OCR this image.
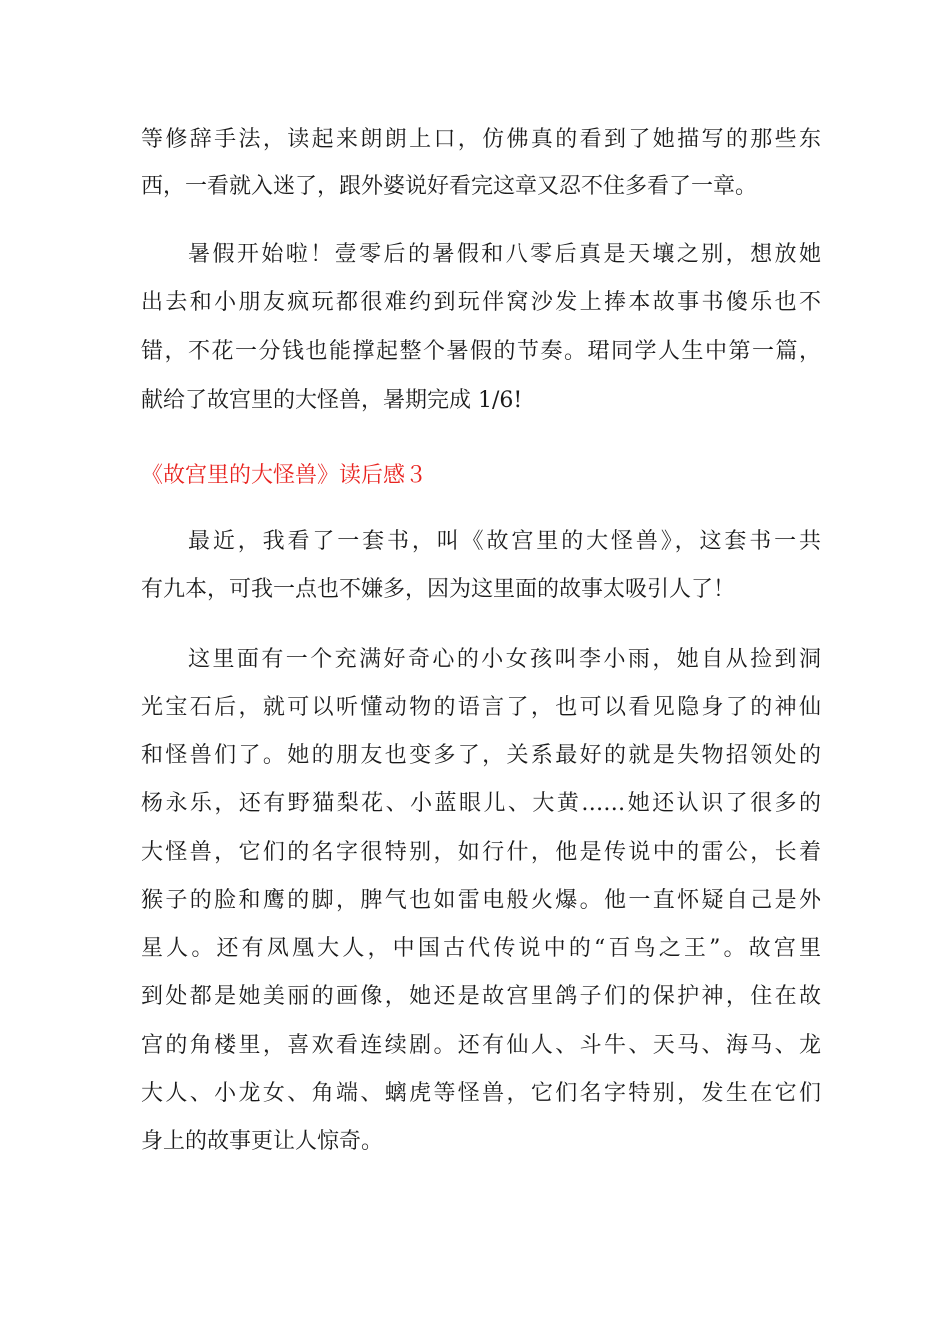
等修辞手法，读起来朗朗上口，仿佛真的看到了她描写的那些东
西，一看就入迷了，跟外婆说好看完这章又忍不住多看了一章。
暑假开始啦！壹零后的暑假和八零后真是天壤之别，想放她
出去和小朋友疯玩都很难约到玩伴窝沙发上捧本故事书傻乐也不
错，不花一分钱也能撑起整个暑假的节奏。珺同学人生中第一篇，
献给了故宫里的大怪兽，暑期完成 1/6!
《故宫里的大怪兽》读后感３
最近，我看了一套书，叫《故宫里的大怪兽》，这套书一共
有九本，可我一点也不嫌多，因为这里面的故事太吸引人了！
这里面有一个充满好奇心的小女孩叫李小雨，她自从捡到洞
光宝石后，就可以听懂动物的语言了，也可以看见隐身了的神仙
和怪兽们了。她的朋友也变多了，关系最好的就是失物招领处的
杨永乐，还有野猫梨花、小蓝眼儿、大黄……她还认识了很多的
大怪兽，它们的名字很特别，如行什，他是传说中的雷公，长着
猴子的脸和鹰的脚，脾气也如雷电般火爆。他一直怀疑自己是外
星人。还有凤凰大人，中国古代传说中的“百鸟之王”。故宫里
到处都是她美丽的画像，她还是故宫里鸽子们的保护神，住在故
宫的角楼里，喜欢看连续剧。还有仙人、斗牛、天马、海马、龙
大人、小龙女、角端、螭虎等怪兽，它们名字特别，发生在它们
身上的故事更让人惊奇。
